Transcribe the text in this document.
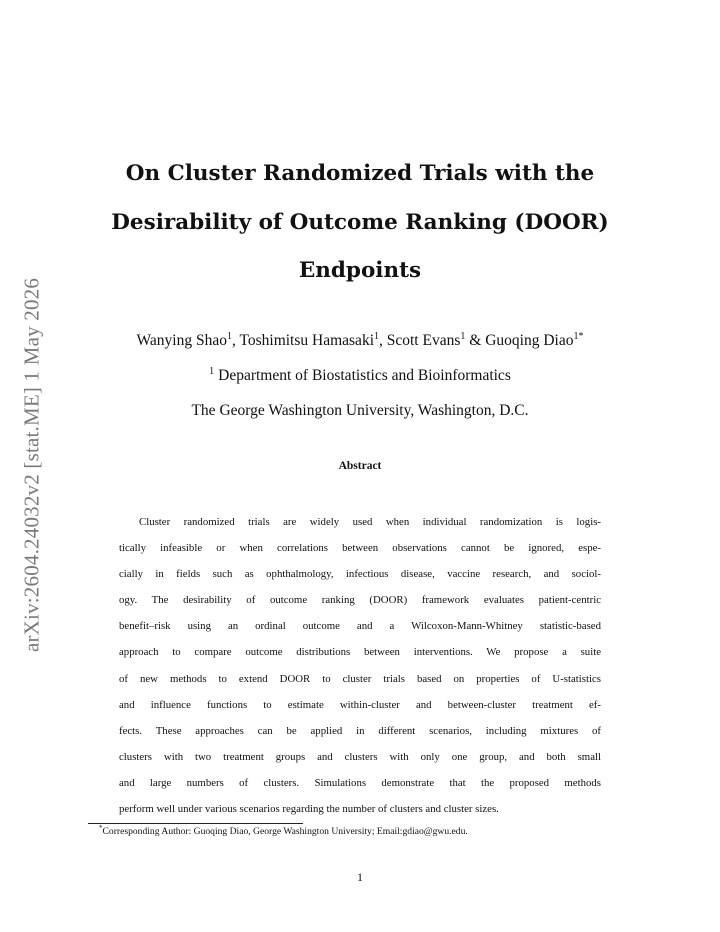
arXiv:2604.24032v2 [stat.ME] 1 May 2026
On Cluster Randomized Trials with the
Desirability of Outcome Ranking (DOOR)
Endpoints
Wanying Shao$^1$, Toshimitsu Hamasaki$^1$, Scott Evans$^1$ & Guoqing Diao$^{1*}$
$^1$ Department of Biostatistics and Bioinformatics
The George Washington University, Washington, D.C.
Abstract
Cluster randomized trials are widely used when individual randomization is logis-
tically infeasible or when correlations between observations cannot be ignored, espe-
cially in fields such as ophthalmology, infectious disease, vaccine research, and sociol-
ogy. The desirability of outcome ranking (DOOR) framework evaluates patient-centric
benefit–risk using an ordinal outcome and a Wilcoxon-Mann-Whitney statistic-based
approach to compare outcome distributions between interventions. We propose a suite
of new methods to extend DOOR to cluster trials based on properties of U-statistics
and influence functions to estimate within-cluster and between-cluster treatment ef-
fects. These approaches can be applied in different scenarios, including mixtures of
clusters with two treatment groups and clusters with only one group, and both small
and large numbers of clusters. Simulations demonstrate that the proposed methods
perform well under various scenarios regarding the number of clusters and cluster sizes.
*Corresponding Author: Guoqing Diao, George Washington University; Email:gdiao@gwu.edu.
1
